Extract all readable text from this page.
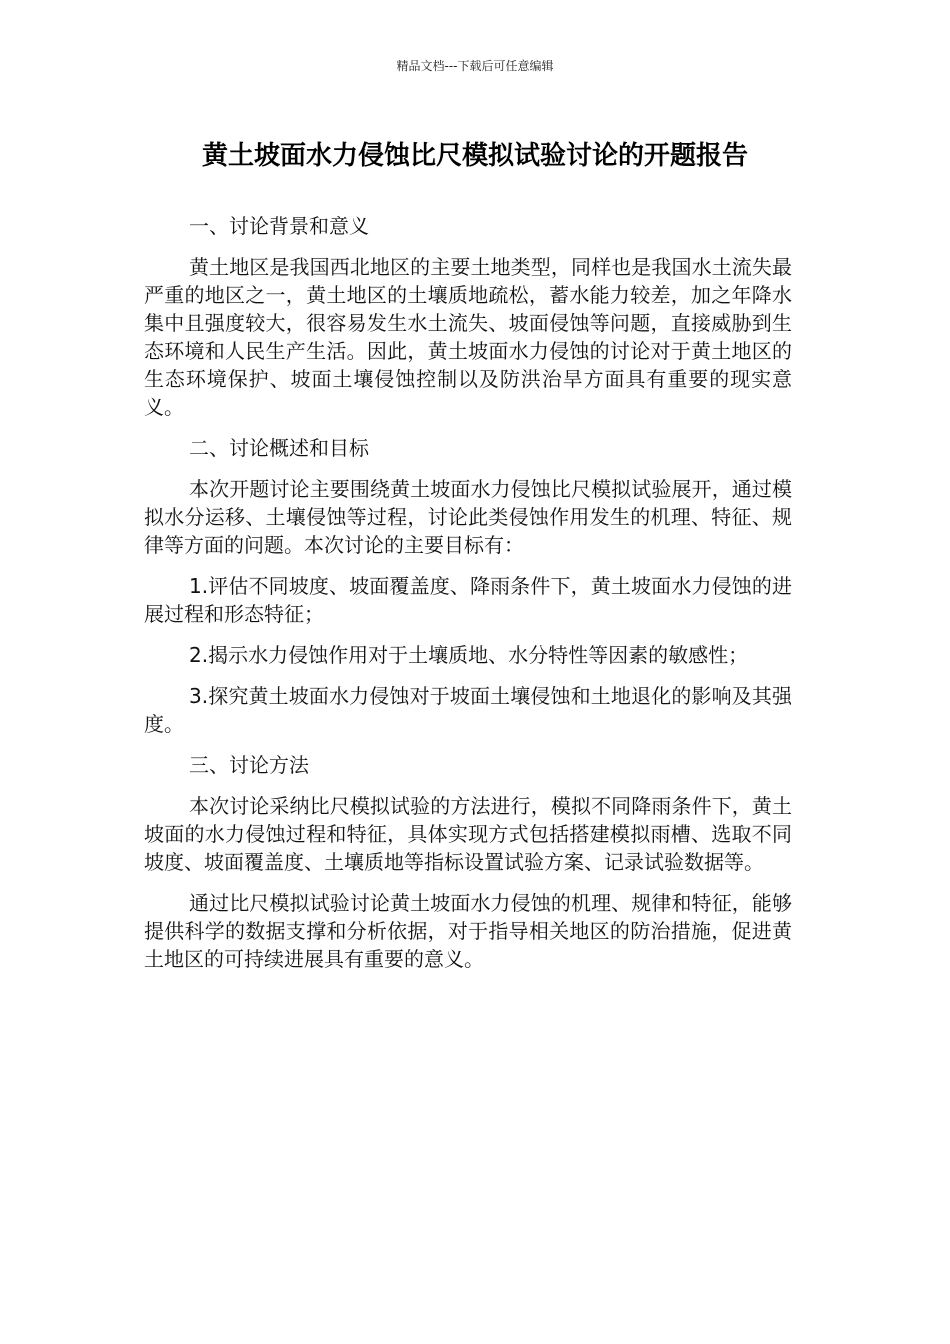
精品文档---下载后可任意编辑
黄土坡面水力侵蚀比尺模拟试验讨论的开题报告

一、讨论背景和意义

黄土地区是我国西北地区的主要土地类型，同样也是我国水土流失最严重的地区之一，黄土地区的土壤质地疏松，蓄水能力较差，加之年降水集中且强度较大，很容易发生水土流失、坡面侵蚀等问题，直接威胁到生态环境和人民生产生活。因此，黄土坡面水力侵蚀的讨论对于黄土地区的生态环境保护、坡面土壤侵蚀控制以及防洪治旱方面具有重要的现实意义。

二、讨论概述和目标

本次开题讨论主要围绕黄土坡面水力侵蚀比尺模拟试验展开，通过模拟水分运移、土壤侵蚀等过程，讨论此类侵蚀作用发生的机理、特征、规律等方面的问题。本次讨论的主要目标有：

1.评估不同坡度、坡面覆盖度、降雨条件下，黄土坡面水力侵蚀的进展过程和形态特征；

2.揭示水力侵蚀作用对于土壤质地、水分特性等因素的敏感性；

3.探究黄土坡面水力侵蚀对于坡面土壤侵蚀和土地退化的影响及其强度。

三、讨论方法

本次讨论采纳比尺模拟试验的方法进行，模拟不同降雨条件下，黄土坡面的水力侵蚀过程和特征，具体实现方式包括搭建模拟雨槽、选取不同坡度、坡面覆盖度、土壤质地等指标设置试验方案、记录试验数据等。

通过比尺模拟试验讨论黄土坡面水力侵蚀的机理、规律和特征，能够提供科学的数据支撑和分析依据，对于指导相关地区的防治措施，促进黄土地区的可持续进展具有重要的意义。
